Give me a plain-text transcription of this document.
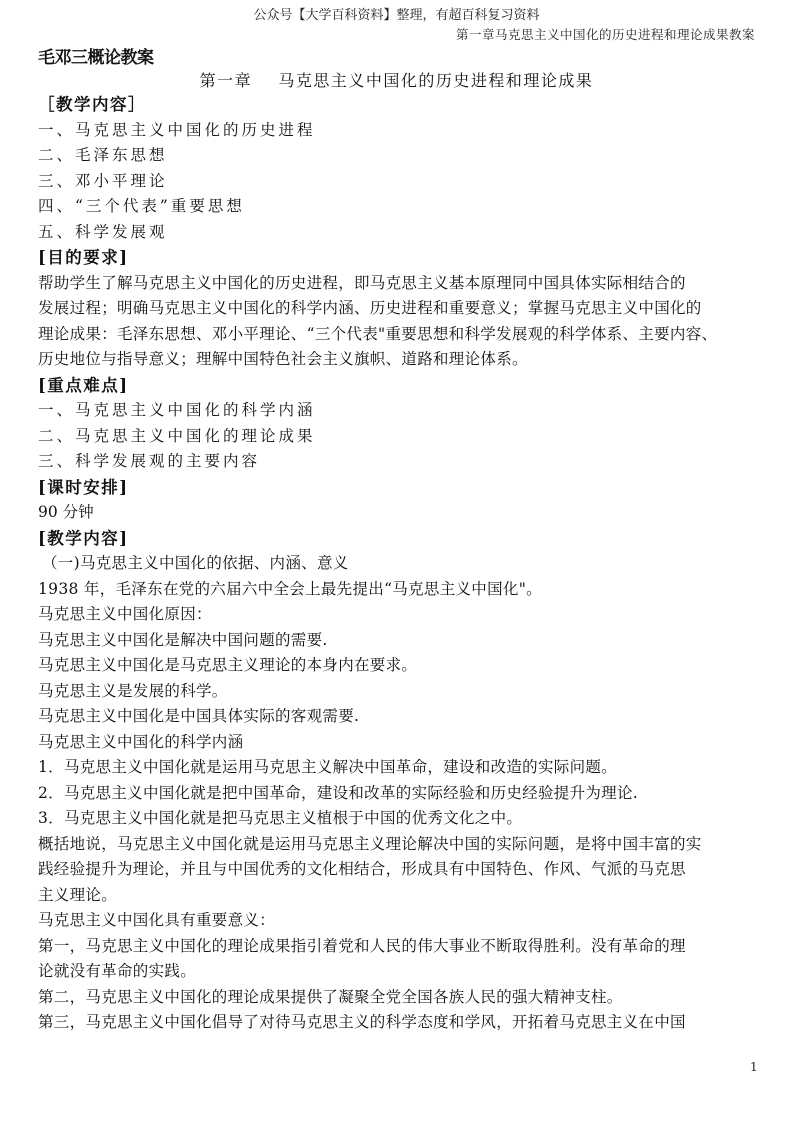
公众号【大学百科资料】整理，有超百科复习资料
第一章马克思主义中国化的历史进程和理论成果教案
毛邓三概论教案
第一章    马克思主义中国化的历史进程和理论成果
［教学内容］
一、马克思主义中国化的历史进程
二、毛泽东思想
三、邓小平理论
四、“三个代表”重要思想
五、科学发展观
[目的要求]
帮助学生了解马克思主义中国化的历史进程，即马克思主义基本原理同中国具体实际相结合的
发展过程；明确马克思主义中国化的科学内涵、历史进程和重要意义；掌握马克思主义中国化的
理论成果：毛泽东思想、邓小平理论、“三个代表"重要思想和科学发展观的科学体系、主要内容、
历史地位与指导意义；理解中国特色社会主义旗帜、道路和理论体系。
[重点难点]
一、马克思主义中国化的科学内涵
二、马克思主义中国化的理论成果
三、科学发展观的主要内容
[课时安排]
90 分钟
[教学内容]
（一)马克思主义中国化的依据、内涵、意义
1938 年，毛泽东在党的六届六中全会上最先提出“马克思主义中国化"。
马克思主义中国化原因：
马克思主义中国化是解决中国问题的需要.
马克思主义中国化是马克思主义理论的本身内在要求。
马克思主义是发展的科学。
马克思主义中国化是中国具体实际的客观需要.
马克思主义中国化的科学内涵
1．马克思主义中国化就是运用马克思主义解决中国革命，建设和改造的实际问题。
2．马克思主义中国化就是把中国革命，建设和改革的实际经验和历史经验提升为理论.
3．马克思主义中国化就是把马克思主义植根于中国的优秀文化之中。
概括地说，马克思主义中国化就是运用马克思主义理论解决中国的实际问题，是将中国丰富的实
践经验提升为理论，并且与中国优秀的文化相结合，形成具有中国特色、作风、气派的马克思
主义理论。
马克思主义中国化具有重要意义：
第一，马克思主义中国化的理论成果指引着党和人民的伟大事业不断取得胜利。没有革命的理
论就没有革命的实践。
第二，马克思主义中国化的理论成果提供了凝聚全党全国各族人民的强大精神支柱。
第三，马克思主义中国化倡导了对待马克思主义的科学态度和学风，开拓着马克思主义在中国
1
